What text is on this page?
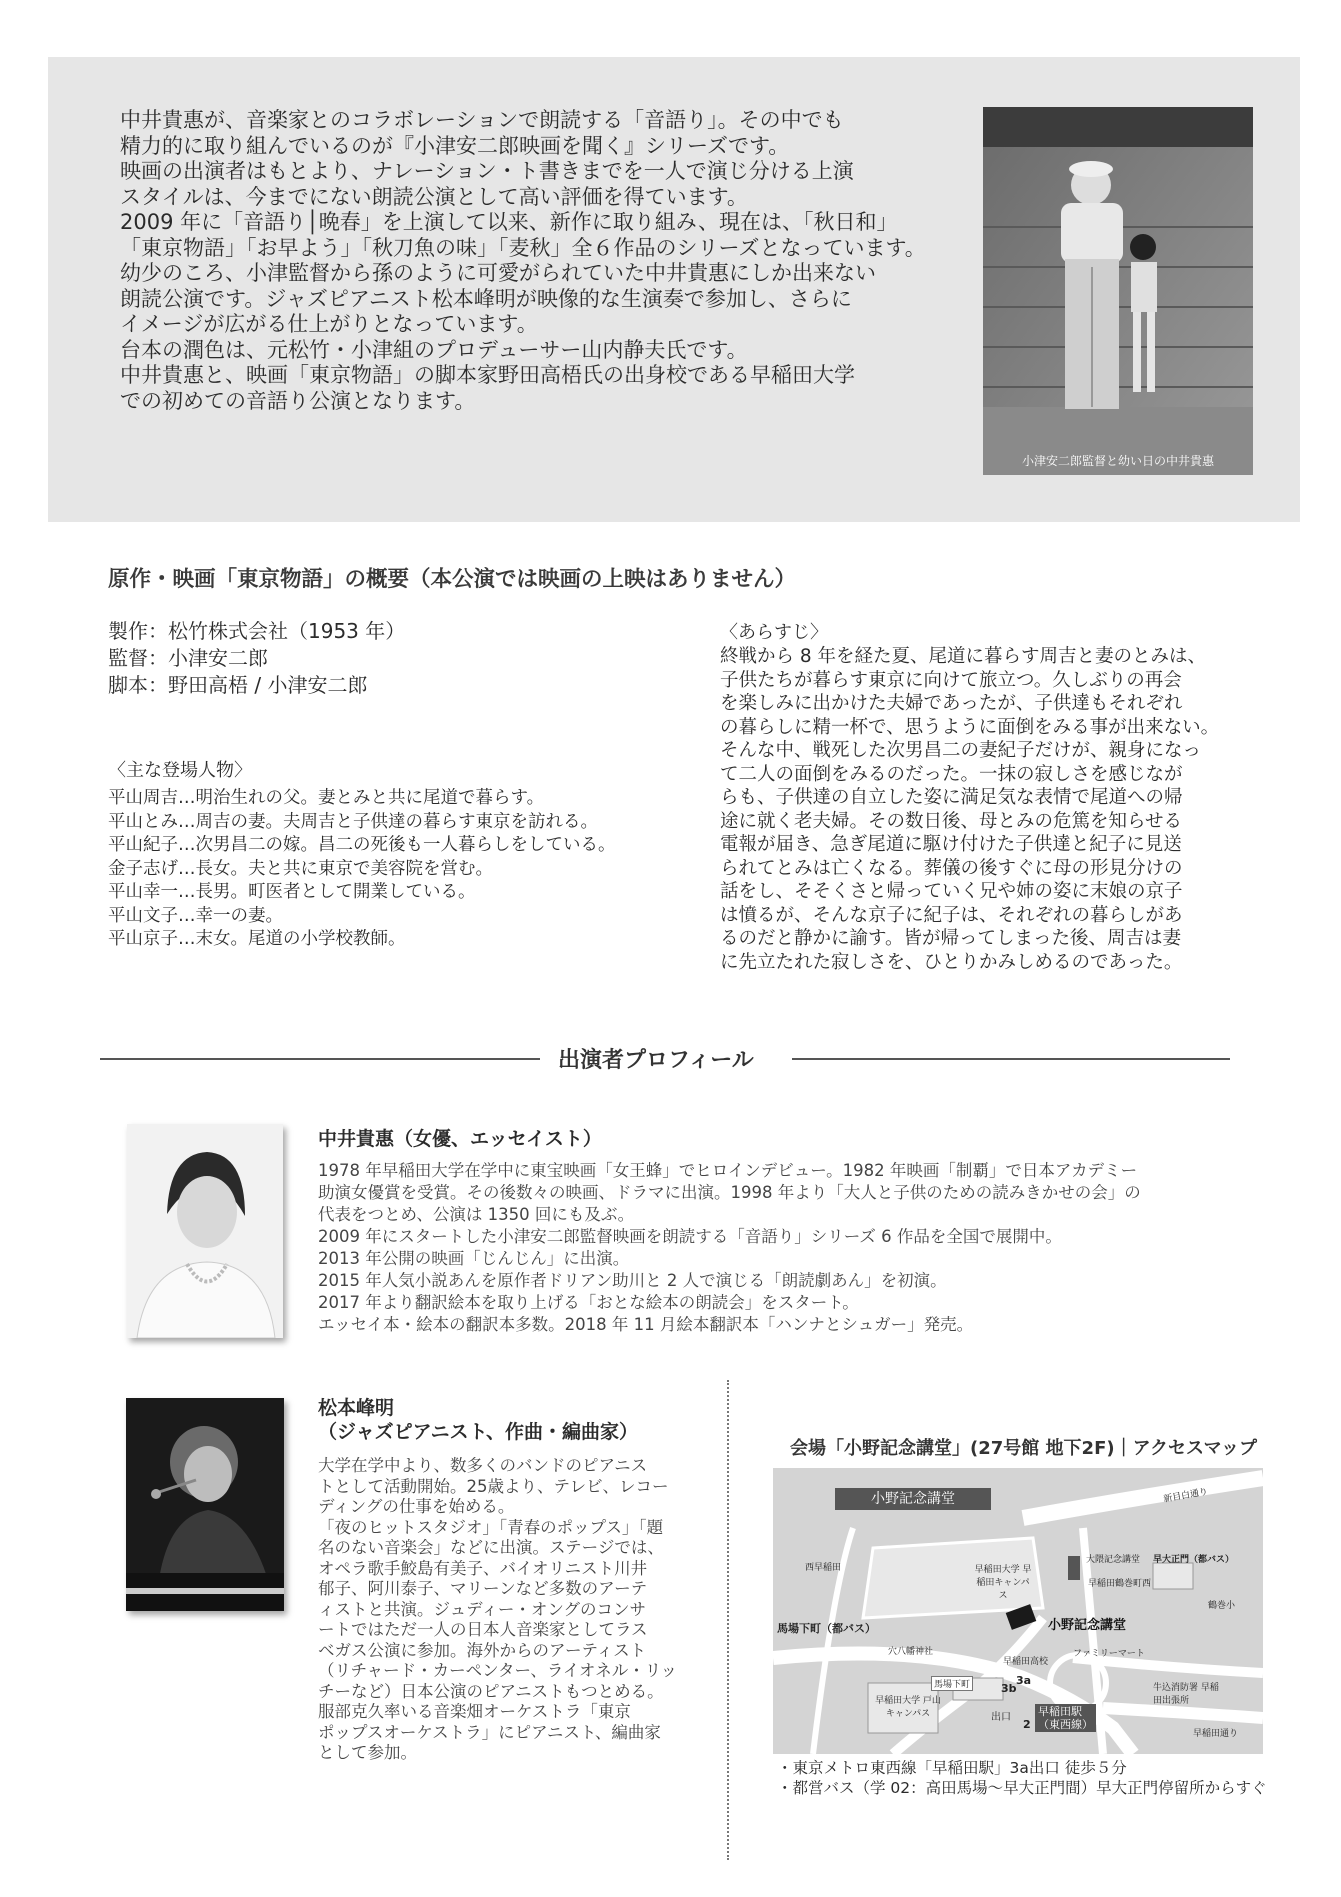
中井貴惠が、音楽家とのコラボレーションで朗読する「音語り」。その中でも
精力的に取り組んでいるのが『小津安二郎映画を聞く』シリーズです。
映画の出演者はもとより、ナレーション・ト書きまでを一人で演じ分ける上演
スタイルは、今までにない朗読公演として高い評価を得ています。
2009 年に「音語り│晩春」を上演して以来、新作に取り組み、現在は、「秋日和」
「東京物語」「お早よう」「秋刀魚の味」「麦秋」全６作品のシリーズとなっています。
幼少のころ、小津監督から孫のように可愛がられていた中井貴惠にしか出来ない
朗読公演です。ジャズピアニスト松本峰明が映像的な生演奏で参加し、さらに
イメージが広がる仕上がりとなっています。
台本の潤色は、元松竹・小津組のプロデューサー山内静夫氏です。
中井貴惠と、映画「東京物語」の脚本家野田高梧氏の出身校である早稲田大学
での初めての音語り公演となります。
小津安二郎監督と幼い日の中井貴惠
原作・映画「東京物語」の概要（本公演では映画の上映はありません）
製作：松竹株式会社（1953 年）
監督：小津安二郎
脚本：野田高梧 / 小津安二郎
〈主な登場人物〉
平山周吉…明治生れの父。妻とみと共に尾道で暮らす。
平山とみ…周吉の妻。夫周吉と子供達の暮らす東京を訪れる。
平山紀子…次男昌二の嫁。昌二の死後も一人暮らしをしている。
金子志げ…長女。夫と共に東京で美容院を営む。
平山幸一…長男。町医者として開業している。
平山文子…幸一の妻。
平山京子…末女。尾道の小学校教師。
〈あらすじ〉
終戦から 8 年を経た夏、尾道に暮らす周吉と妻のとみは、
子供たちが暮らす東京に向けて旅立つ。久しぶりの再会
を楽しみに出かけた夫婦であったが、子供達もそれぞれ
の暮らしに精一杯で、思うように面倒をみる事が出来ない。
そんな中、戦死した次男昌二の妻紀子だけが、親身になっ
て二人の面倒をみるのだった。一抹の寂しさを感じなが
らも、子供達の自立した姿に満足気な表情で尾道への帰
途に就く老夫婦。その数日後、母とみの危篤を知らせる
電報が届き、急ぎ尾道に駆け付けた子供達と紀子に見送
られてとみは亡くなる。葬儀の後すぐに母の形見分けの
話をし、そそくさと帰っていく兄や姉の姿に末娘の京子
は憤るが、そんな京子に紀子は、それぞれの暮らしがあ
るのだと静かに諭す。皆が帰ってしまった後、周吉は妻
に先立たれた寂しさを、ひとりかみしめるのであった。
出演者プロフィール
中井貴惠（女優、エッセイスト）
1978 年早稲田大学在学中に東宝映画「女王蜂」でヒロインデビュー。1982 年映画「制覇」で日本アカデミー
助演女優賞を受賞。その後数々の映画、ドラマに出演。1998 年より「大人と子供のための読みきかせの会」の
代表をつとめ、公演は 1350 回にも及ぶ。
2009 年にスタートした小津安二郎監督映画を朗読する「音語り」シリーズ 6 作品を全国で展開中。
2013 年公開の映画「じんじん」に出演。
2015 年人気小説あんを原作者ドリアン助川と 2 人で演じる「朗読劇あん」を初演。
2017 年より翻訳絵本を取り上げる「おとな絵本の朗読会」をスタート。
エッセイ本・絵本の翻訳本多数。2018 年 11 月絵本翻訳本「ハンナとシュガー」発売。
松本峰明
（ジャズピアニスト、作曲・編曲家）
大学在学中より、数多くのバンドのピアニス
トとして活動開始。25歳より、テレビ、レコー
ディングの仕事を始める。
「夜のヒットスタジオ」「青春のポップス」「題
名のない音楽会」などに出演。ステージでは、
オペラ歌手鮫島有美子、バイオリニスト川井
郁子、阿川泰子、マリーンなど多数のアーテ
ィストと共演。ジュディー・オングのコンサ
ートではただ一人の日本人音楽家としてラス
ベガス公演に参加。海外からのアーティスト
（リチャード・カーペンター、ライオネル・リッ
チーなど）日本公演のピアニストもつとめる。
服部克久率いる音楽畑オーケストラ「東京
ポップスオーケストラ」にピアニスト、編曲家
として参加。
会場「小野記念講堂」(27号館 地下2F)｜アクセスマップ
小野記念講堂	新目白通り
大隈記念講堂 早大正門（都バス）
西早稲田	早稲田大学 早稲田キャンパス
早稲田鶴巻町西
鶴巻小
馬場下町（都バス）	小野記念講堂
穴八幡神社	ファミリーマート
早稲田高校
牛込消防署 早稲田出張所
馬場下町	3b
3a
2
出口 早稲田駅
（東西線）
早稲田大学 戸山キャンパス
早稲田通り
・東京メトロ東西線「早稲田駅」3a出口 徒歩５分
・都営バス（学 02：高田馬場〜早大正門間）早大正門停留所からすぐ
